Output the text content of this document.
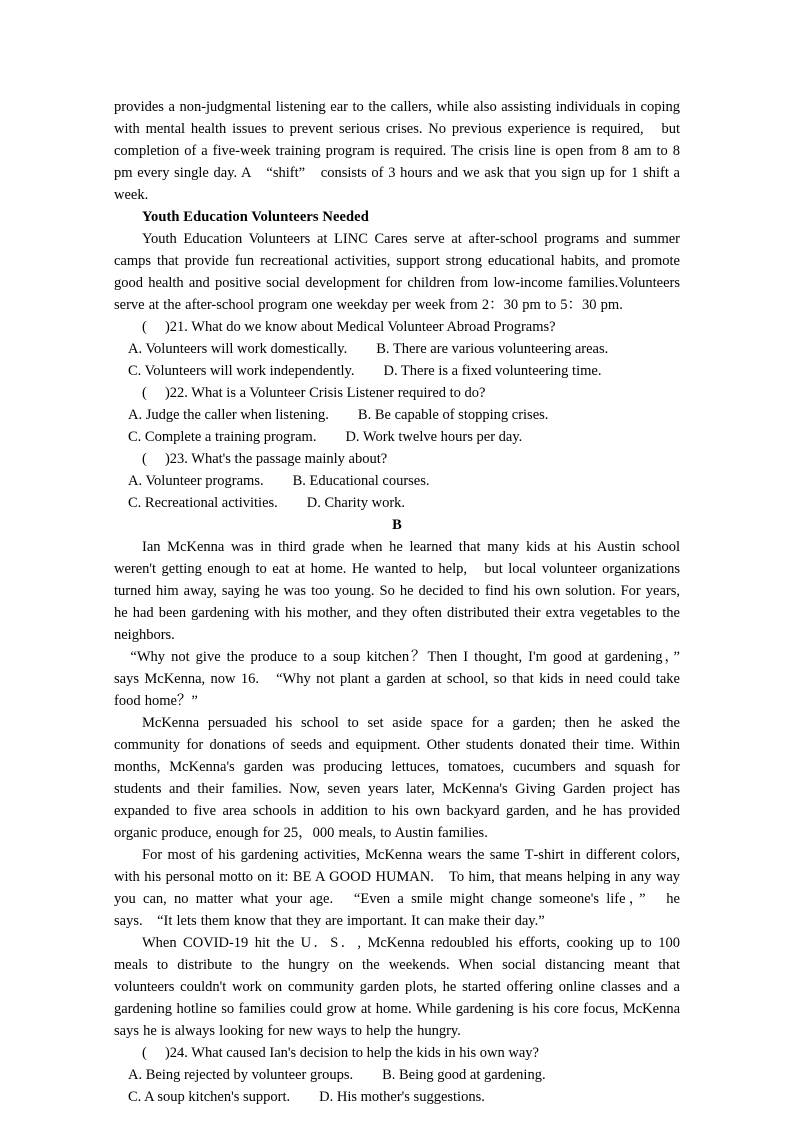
provides a non‑judgmental listening ear to the callers, while also assisting individuals in coping with mental health issues to prevent serious crises. No previous experience is required,　but completion of a five‑week training program is required. The crisis line is open from 8 am to 8 pm every single day. A　“shift”　consists of 3 hours and we ask that you sign up for 1 shift a week.

Youth Education Volunteers Needed

Youth Education Volunteers at LINC Cares serve at after‑school programs and summer camps that provide fun recreational activities, support strong educational habits, and promote good health and positive social development for children from low-income families.Volunteers serve at the after-school program one weekday per week from 2：30 pm to 5：30 pm.

(     )21. What do we know about Medical Volunteer Abroad Programs?

A. Volunteers will work domestically.        B. There are various volunteering areas.

C. Volunteers will work independently.        D. There is a fixed volunteering time.

(     )22. What is a Volunteer Crisis Listener required to do?

A. Judge the caller when listening.        B. Be capable of stopping crises.

C. Complete a training program.        D. Work twelve hours per day.

(     )23. What's the passage mainly about?

A. Volunteer programs.        B. Educational courses.

C. Recreational activities.        D. Charity work.

B

Ian McKenna was in third grade when he learned that many kids at his Austin school weren't getting enough to eat at home. He wanted to help,　but local volunteer organizations turned him away, saying he was too young. So he decided to find his own solution. For years, he had been gardening with his mother, and they often distributed their extra vegetables to the neighbors.

　“Why not give the produce to a soup kitchen？Then I thought, I'm good at gardening，”　says McKenna, now 16.　“Why not plant a garden at school, so that kids in need could take food home？”

McKenna persuaded his school to set aside space for a garden; then he asked the community for donations of seeds and equipment. Other students donated their time. Within months, McKenna's garden was producing lettuces, tomatoes, cucumbers and squash for students and their families. Now, seven years later, McKenna's Giving Garden project has expanded to five area schools in addition to his own backyard garden, and he has provided organic produce, enough for 25，000 meals, to Austin families.

For most of his gardening activities, McKenna wears the same T‑shirt in different colors, with his personal motto on it: BE A GOOD HUMAN.　To him, that means helping in any way you can, no matter what your age.　“Even a smile might change someone's life，”　he says.　“It lets them know that they are important. It can make their day.”

When COVID‑19 hit the U．S．, McKenna redoubled his efforts, cooking up to 100 meals to distribute to the hungry on the weekends. When social distancing meant that volunteers couldn't work on community garden plots, he started offering online classes and a gardening hotline so families could grow at home. While gardening is his core focus, McKenna says he is always looking for new ways to help the hungry.

(     )24. What caused Ian's decision to help the kids in his own way?

A. Being rejected by volunteer groups.        B. Being good at gardening.

C. A soup kitchen's support.        D. His mother's suggestions.
